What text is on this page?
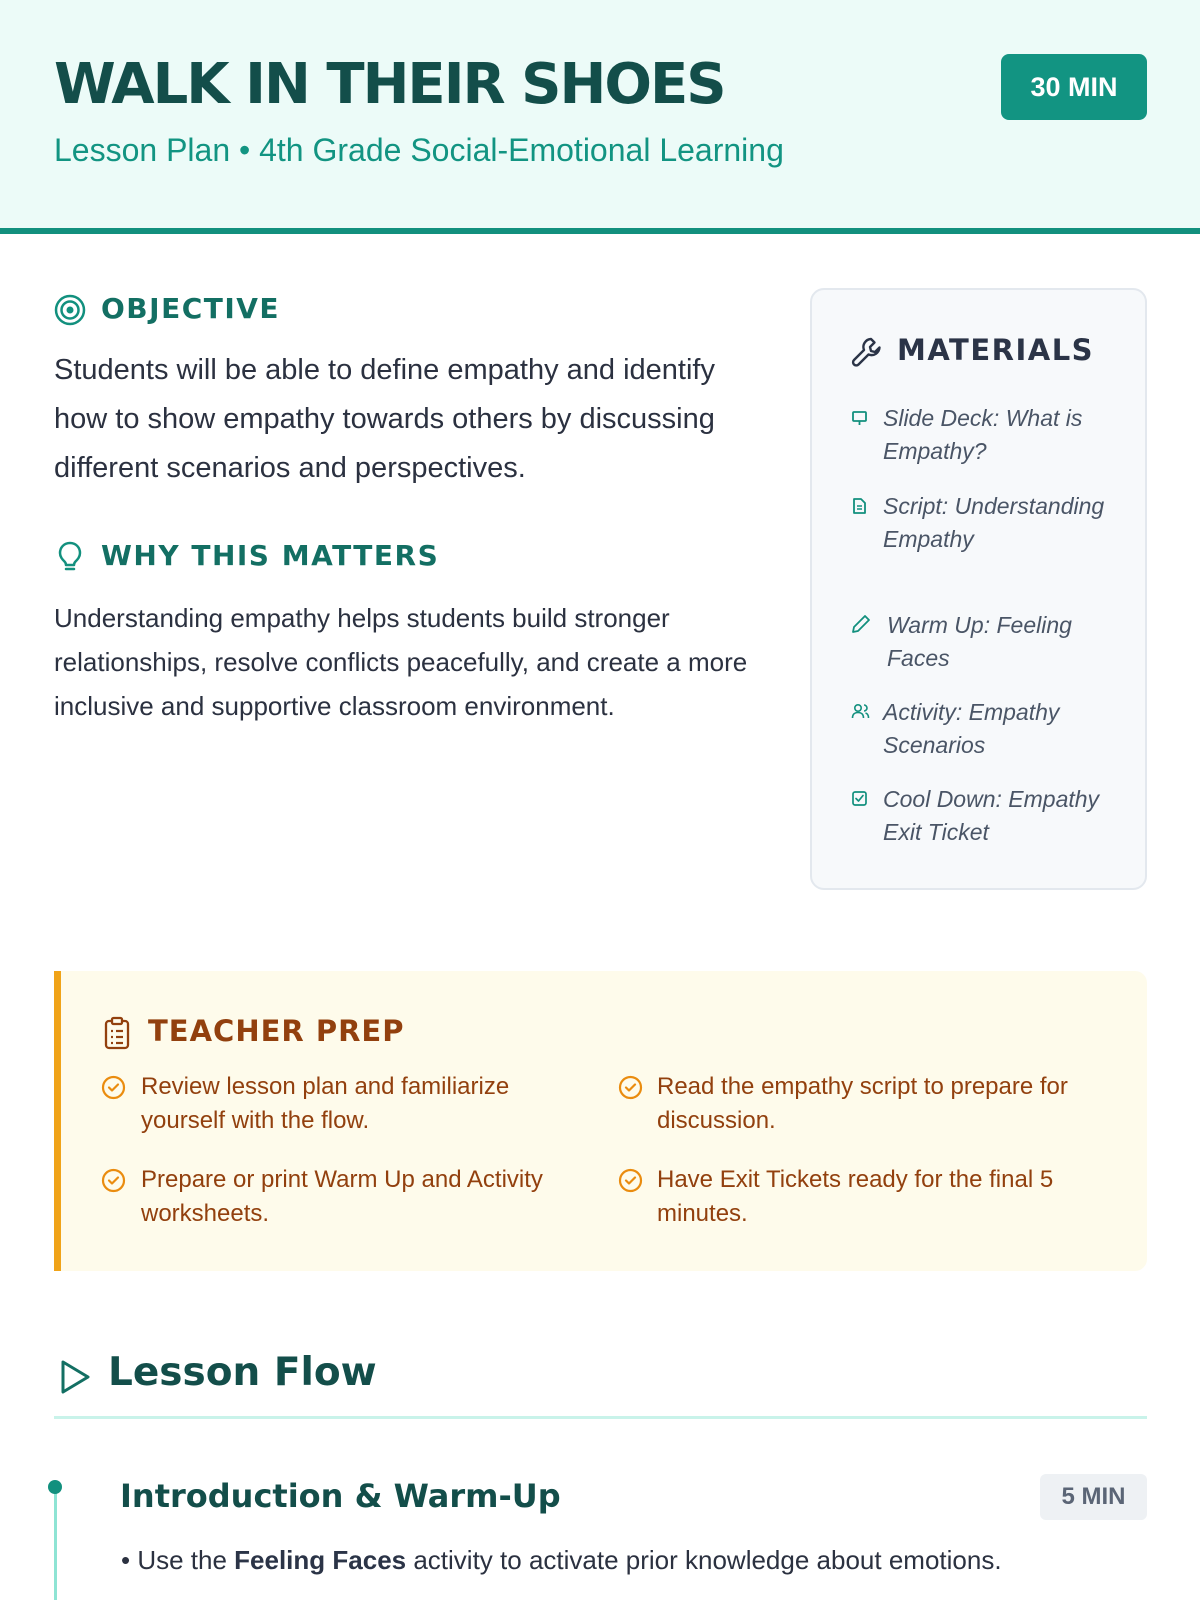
WALK IN THEIR SHOES
Lesson Plan • 4th Grade Social-Emotional Learning
30 MIN
OBJECTIVE
Students will be able to define empathy and identify how to show empathy towards others by discussing different scenarios and perspectives.
WHY THIS MATTERS
Understanding empathy helps students build stronger relationships, resolve conflicts peacefully, and create a more inclusive and supportive classroom environment.
MATERIALS
Slide Deck: What is Empathy?
Script: Understanding Empathy
Warm Up: Feeling Faces
Activity: Empathy Scenarios
Cool Down: Empathy Exit Ticket
TEACHER PREP
Review lesson plan and familiarize yourself with the flow.
Read the empathy script to prepare for discussion.
Prepare or print Warm Up and Activity worksheets.
Have Exit Tickets ready for the final 5 minutes.
Lesson Flow
Introduction & Warm-Up	5 MIN
• Use the Feeling Faces activity to activate prior knowledge about emotions.
